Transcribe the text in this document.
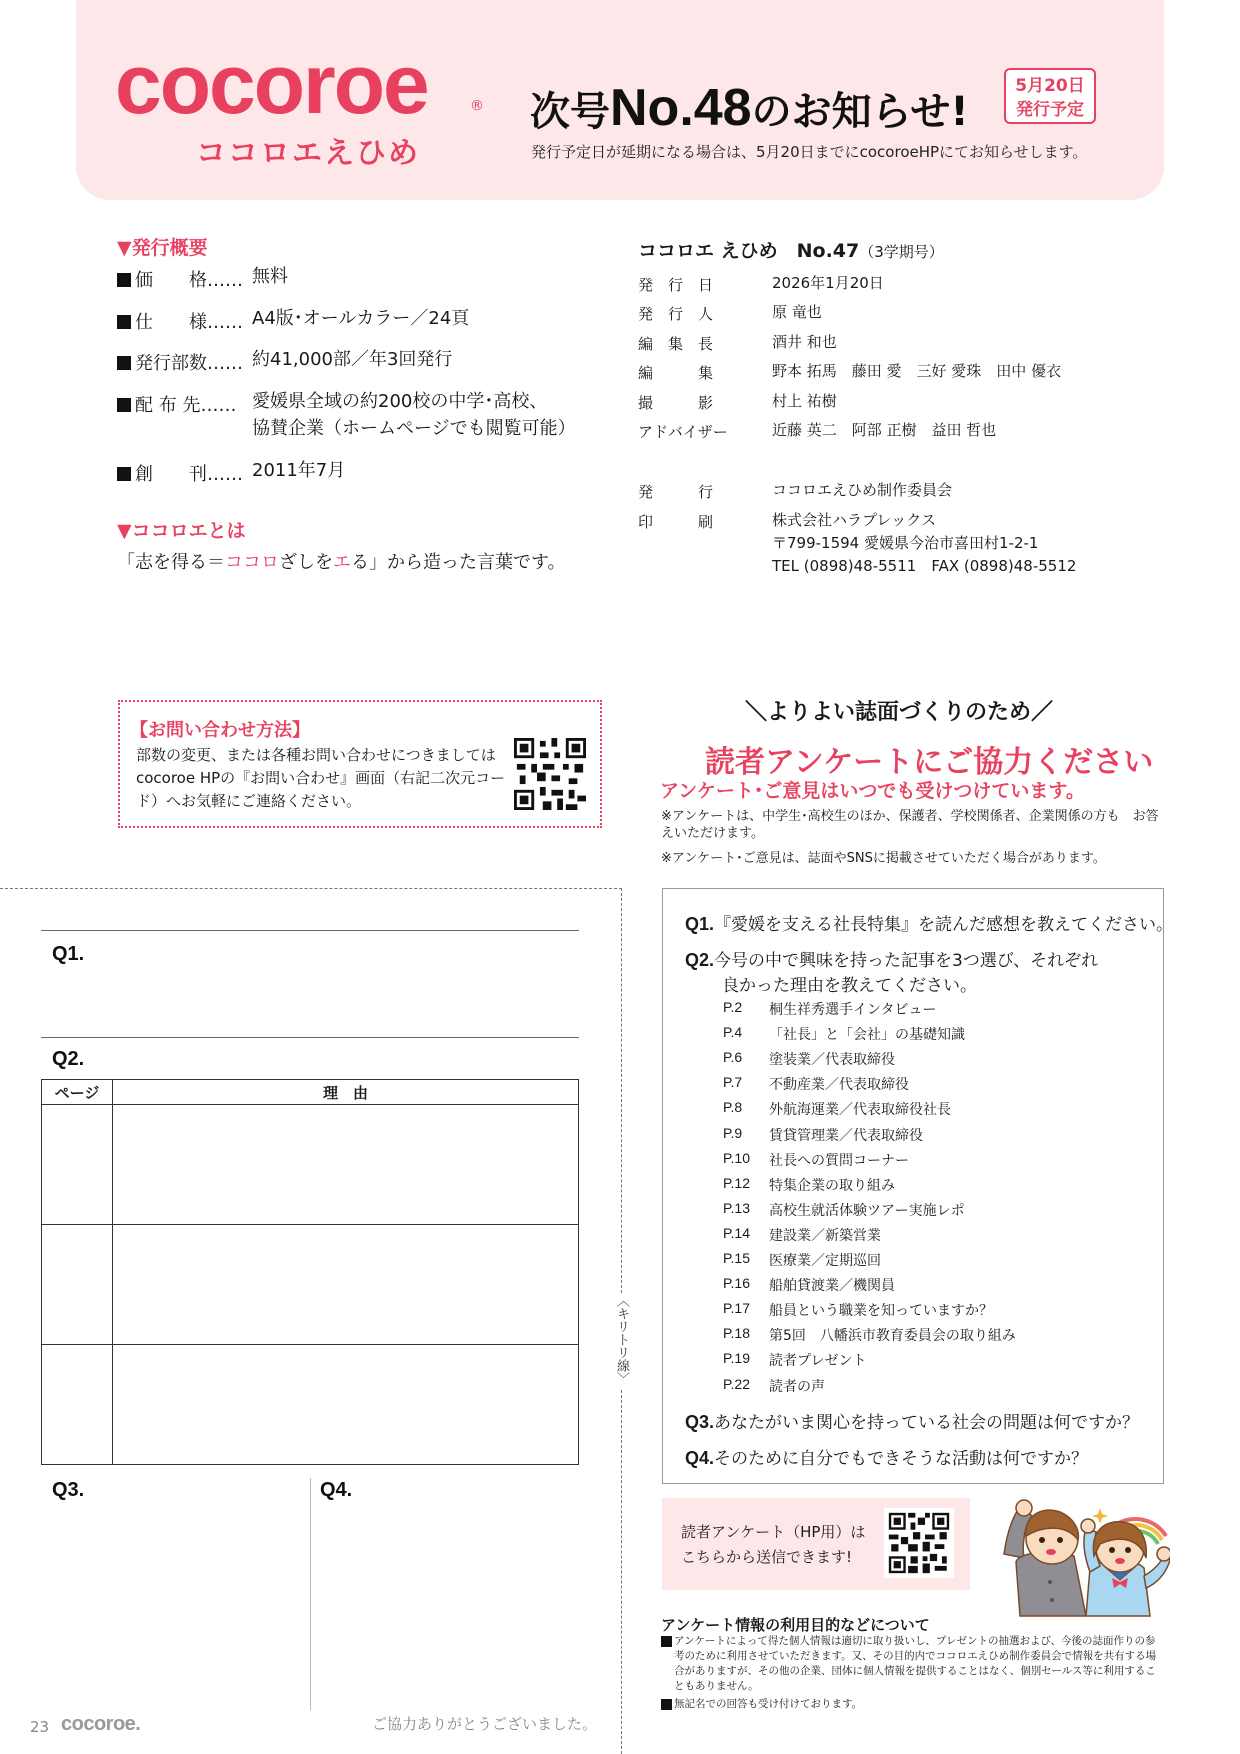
cocoroe	®
ココロエえひめ
次号No.48のお知らせ!
5月20日
発行予定
発行予定日が延期になる場合は、5月20日までにcocoroeHPにてお知らせします。
▼発行概要
価　　格…… 無料
仕　　様…… A4版･オールカラー／24頁
発行部数…… 約41,000部／年3回発行
配 布 先…… 愛媛県全域の約200校の中学･高校、
協賛企業（ホームページでも閲覧可能）
創　　刊…… 2011年7月
▼ココロエとは
「志を得る＝ココロざしをエる」から造った言葉です。
ココロエ えひめ　No.47（3学期号）
発　行　日	2026年1月20日
発　行　人	原 竜也
編　集　長	酒井 和也
編　　　集	野本 拓馬　藤田 愛　三好 愛珠　田中 優衣
撮　　　影	村上 祐樹
アドバイザー	近藤 英二　阿部 正樹　益田 哲也
発　　　行	ココロエえひめ制作委員会
印　　　刷	株式会社ハラプレックス
〒799-1594 愛媛県今治市喜田村1-2-1
TEL (0898)48-5511　FAX (0898)48-5512
【お問い合わせ方法】
部数の変更、または各種お問い合わせにつきましてはcocoroe HPの『お問い合わせ』画面（右記二次元コード）へお気軽にご連絡ください。
＼よりよい誌面づくりのため／
読者アンケートにご協力ください
アンケート･ご意見はいつでも受けつけています。
※アンケートは、中学生･高校生のほか、保護者、学校関係者、企業関係の方も　お答えいただけます。
※アンケート･ご意見は、誌面やSNSに掲載させていただく場合があります。
Q1.『愛媛を支える社長特集』を読んだ感想を教えてください。
Q2.今号の中で興味を持った記事を3つ選び、それぞれ
良かった理由を教えてください。
P.2	桐生祥秀選手インタビュー
P.4	「社長」と「会社」の基礎知識
P.6	塗装業／代表取締役
P.7	不動産業／代表取締役
P.8	外航海運業／代表取締役社長
P.9	賃貸管理業／代表取締役
P.10	社長への質問コーナー
P.12	特集企業の取り組み
P.13	高校生就活体験ツアー実施レポ
P.14	建設業／新築営業
P.15	医療業／定期巡回
P.16	船舶貸渡業／機関員
P.17	船員という職業を知っていますか？
P.18	第5回　八幡浜市教育委員会の取り組み
P.19	読者プレゼント
P.22	読者の声
Q3.あなたがいま関心を持っている社会の問題は何ですか？
Q4.そのために自分でもできそうな活動は何ですか？
読者アンケート（HP用）は
こちらから送信できます!
アンケート情報の利用目的などについて
アンケートによって得た個人情報は適切に取り扱いし、プレゼントの抽選および、今後の誌面作りの参考のために利用させていただきます。又、その目的内でココロエえひめ制作委員会で情報を共有する場合がありますが、その他の企業、団体に個人情報を提供することはなく、個別セールス等に利用することもありません。
無記名での回答も受け付けております。
〈キリトリ線〉
Q1.
Q2.
ページ	理　由

Q3.	Q4.
23 cocoroe.	ご協力ありがとうございました。
